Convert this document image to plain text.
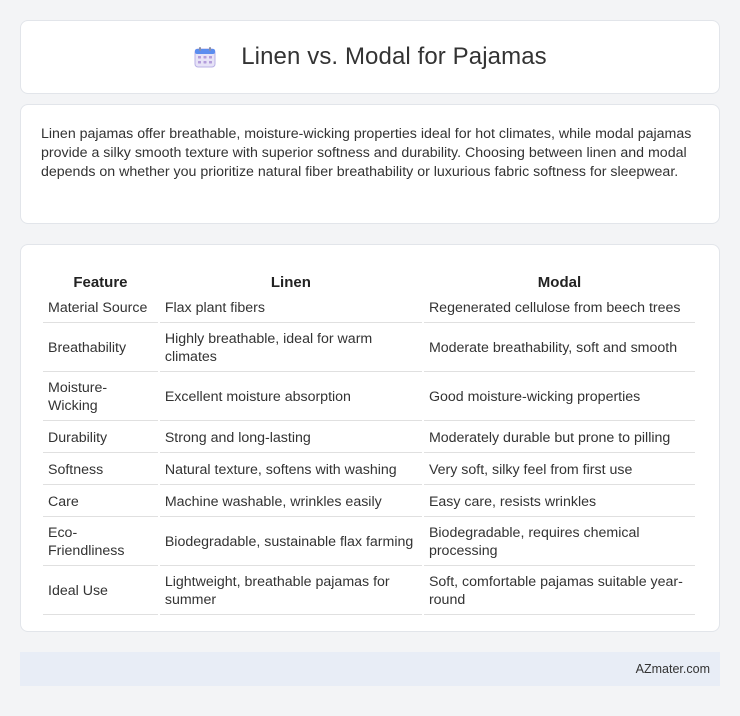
Linen vs. Modal for Pajamas

Linen pajamas offer breathable, moisture-wicking properties ideal for hot climates, while modal pajamas provide a silky smooth texture with superior softness and durability. Choosing between linen and modal depends on whether you prioritize natural fiber breathability or luxurious fabric softness for sleepwear.

Feature	Linen	Modal
Material Source	Flax plant fibers	Regenerated cellulose from beech trees
Breathability	Highly breathable, ideal for warm climates	Moderate breathability, soft and smooth
Moisture-Wicking	Excellent moisture absorption	Good moisture-wicking properties
Durability	Strong and long-lasting	Moderately durable but prone to pilling
Softness	Natural texture, softens with washing	Very soft, silky feel from first use
Care	Machine washable, wrinkles easily	Easy care, resists wrinkles
Eco-Friendliness	Biodegradable, sustainable flax farming	Biodegradable, requires chemical processing
Ideal Use	Lightweight, breathable pajamas for summer	Soft, comfortable pajamas suitable year-round
AZmater.com
